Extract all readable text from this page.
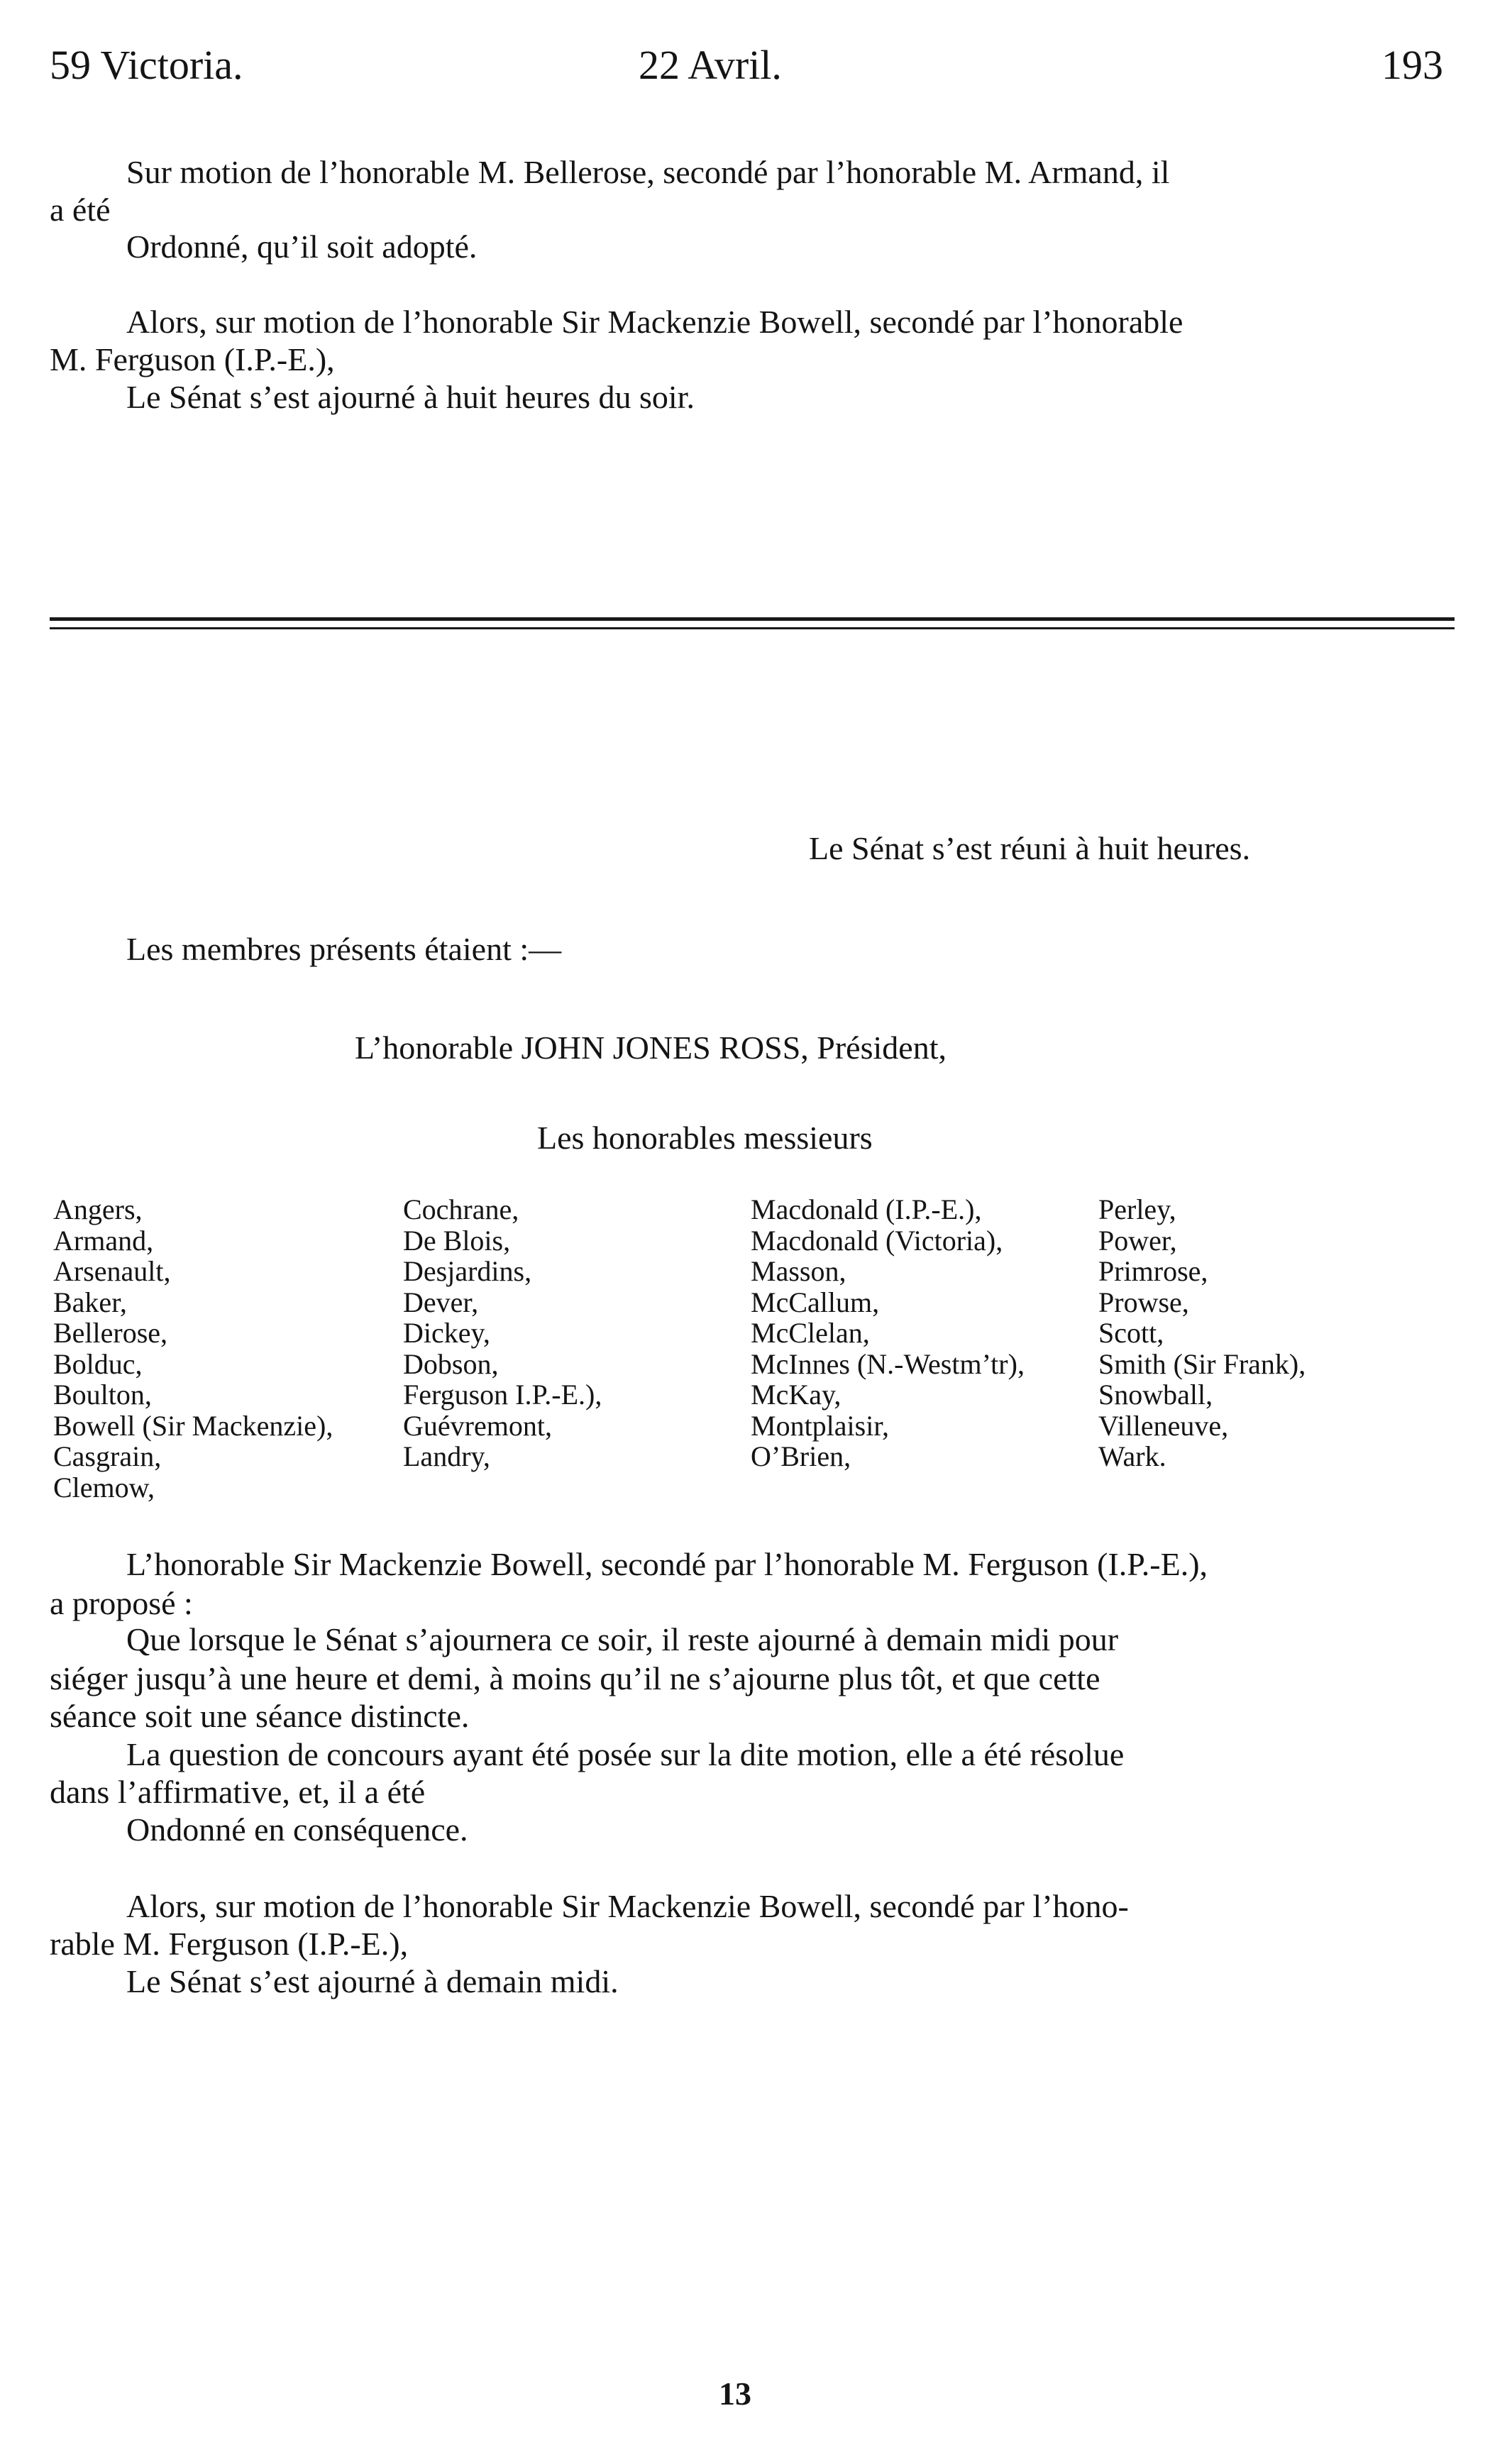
59 Victoria.	22 Avril.	193
Sur motion de l’honorable M. Bellerose, secondé par l’honorable M. Armand, il
a été
Ordonné, qu’il soit adopté.
Alors, sur motion de l’honorable Sir Mackenzie Bowell, secondé par l’honorable
M. Ferguson (I.P.-E.),
Le Sénat s’est ajourné à huit heures du soir.
Le Sénat s’est réuni à huit heures.
Les membres présents étaient :—
L’honorable JOHN JONES ROSS, Président,
Les honorables messieurs
Angers,
Armand,
Arsenault,
Baker,
Bellerose,
Bolduc,
Boulton,
Bowell (Sir Mackenzie),
Casgrain,
Clemow,
Cochrane,
De Blois,
Desjardins,
Dever,
Dickey,
Dobson,
Ferguson I.P.-E.),
Guévremont,
Landry,
Macdonald (I.P.-E.),
Macdonald (Victoria),
Masson,
McCallum,
McClelan,
McInnes (N.-Westm’tr),
McKay,
Montplaisir,
O’Brien,
Perley,
Power,
Primrose,
Prowse,
Scott,
Smith (Sir Frank),
Snowball,
Villeneuve,
Wark.
L’honorable Sir Mackenzie Bowell, secondé par l’honorable M. Ferguson (I.P.-E.),
a proposé :
Que lorsque le Sénat s’ajournera ce soir, il reste ajourné à demain midi pour
siéger jusqu’à une heure et demi, à moins qu’il ne s’ajourne plus tôt, et que cette
séance soit une séance distincte.
La question de concours ayant été posée sur la dite motion, elle a été résolue
dans l’affirmative, et, il a été
Ondonné en conséquence.
Alors, sur motion de l’honorable Sir Mackenzie Bowell, secondé par l’hono-
rable M. Ferguson (I.P.-E.),
Le Sénat s’est ajourné à demain midi.
13
